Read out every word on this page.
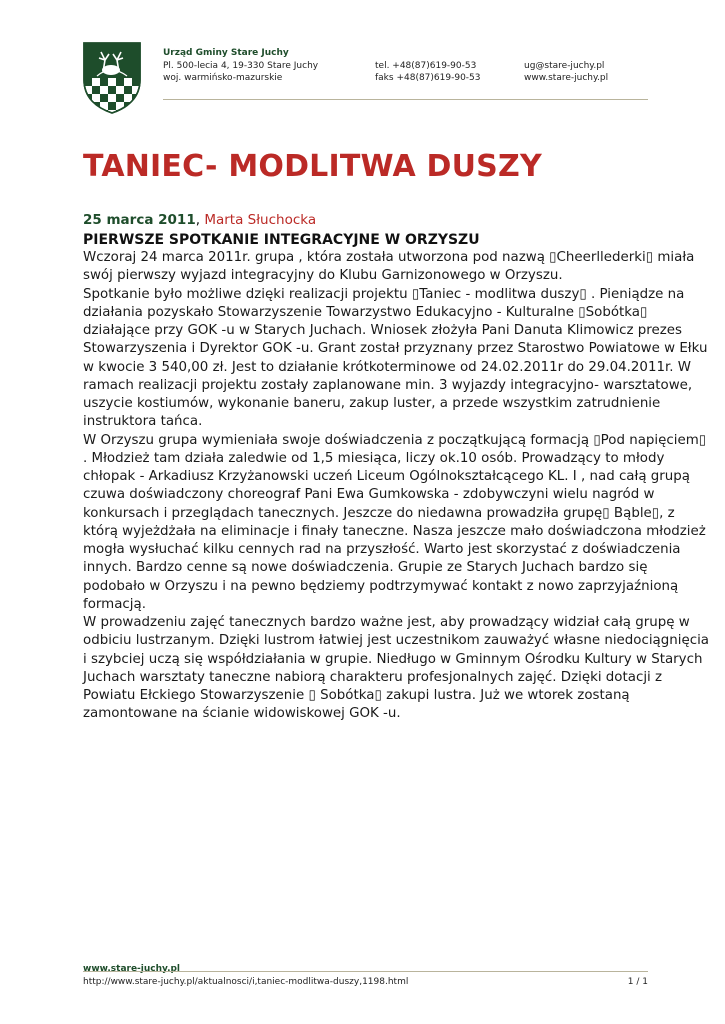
Urząd Gminy Stare Juchy
Pl. 500-lecia 4, 19-330 Stare Juchy
woj. warmińsko-mazurskie

tel. +48(87)619-90-53
faks +48(87)619-90-53

ug@stare-juchy.pl
www.stare-juchy.pl
TANIEC- MODLITWA DUSZY
25 marca 2011, Marta Słuchocka
PIERWSZE SPOTKANIE INTEGRACYJNE W ORZYSZU
Wczoraj 24 marca 2011r. grupa , która została utworzona pod nazwą ▯Cheerllederki▯ miała
swój pierwszy wyjazd integracyjny do Klubu Garnizonowego w Orzyszu.
Spotkanie było możliwe dzięki realizacji projektu ▯Taniec - modlitwa duszy▯ . Pieniądze na
działania pozyskało Stowarzyszenie Towarzystwo Edukacyjno - Kulturalne ▯Sobótka▯
działające przy GOK -u w Starych Juchach. Wniosek złożyła Pani Danuta Klimowicz prezes
Stowarzyszenia i Dyrektor GOK -u. Grant został przyznany przez Starostwo Powiatowe w Ełku
w kwocie 3 540,00 zł. Jest to działanie krótkoterminowe od 24.02.2011r do 29.04.2011r. W
ramach realizacji projektu zostały zaplanowane min. 3 wyjazdy integracyjno- warsztatowe,
uszycie kostiumów, wykonanie baneru, zakup luster, a przede wszystkim zatrudnienie
instruktora tańca.
W Orzyszu grupa wymieniała swoje doświadczenia z początkującą formacją ▯Pod napięciem▯
. Młodzież tam działa zaledwie od 1,5 miesiąca, liczy ok.10 osób. Prowadzący to młody
chłopak - Arkadiusz Krzyżanowski uczeń Liceum Ogólnokształcącego KL. I , nad całą grupą
czuwa doświadczony choreograf Pani Ewa Gumkowska - zdobywczyni wielu nagród w
konkursach i przeglądach tanecznych. Jeszcze do niedawna prowadziła grupę▯ Bąble▯, z
którą wyjeżdżała na eliminacje i finały taneczne. Nasza jeszcze mało doświadczona młodzież
mogła wysłuchać kilku cennych rad na przyszłość. Warto jest skorzystać z doświadczenia
innych. Bardzo cenne są nowe doświadczenia. Grupie ze Starych Juchach bardzo się
podobało w Orzyszu i na pewno będziemy podtrzymywać kontakt z nowo zaprzyjaźnioną
formacją.
W prowadzeniu zajęć tanecznych bardzo ważne jest, aby prowadzący widział całą grupę w
odbiciu lustrzanym. Dzięki lustrom łatwiej jest uczestnikom zauważyć własne niedociągnięcia
i szybciej uczą się współdziałania w grupie. Niedługo w Gminnym Ośrodku Kultury w Starych
Juchach warsztaty taneczne nabiorą charakteru profesjonalnych zajęć. Dzięki dotacji z
Powiatu Ełckiego Stowarzyszenie ▯ Sobótka▯ zakupi lustra. Już we wtorek zostaną
zamontowane na ścianie widowiskowej GOK -u.
www.stare-juchy.pl
http://www.stare-juchy.pl/aktualnosci/i,taniec-modlitwa-duszy,1198.html	1 / 1
